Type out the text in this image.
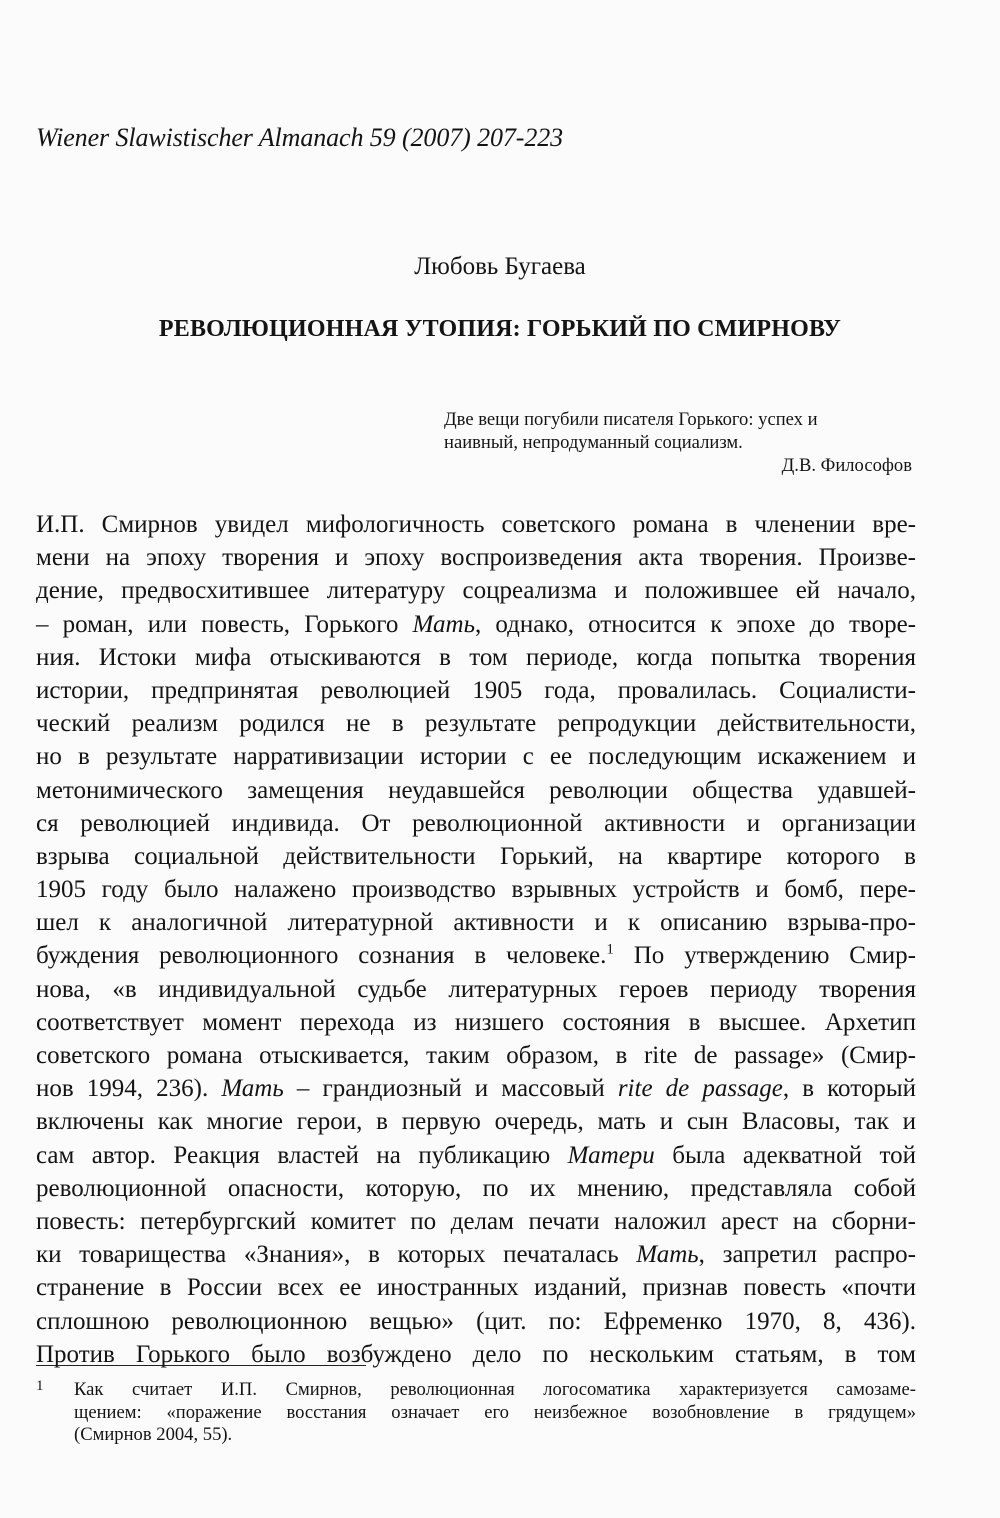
Wiener Slawistischer Almanach 59 (2007) 207-223
Любовь Бугаева
РЕВОЛЮЦИОННАЯ УТОПИЯ: ГОРЬКИЙ ПО СМИРНОВУ
Две вещи погубили писателя Горького: успех и
наивный, непродуманный социализм.
Д.В. Философов
И.П. Смирнов увидел мифологичность советского романа в членении вре-
мени на эпоху творения и эпоху воспроизведения акта творения. Произве-
дение, предвосхитившее литературу соцреализма и положившее ей начало,
– роман, или повесть, Горького Мать, однако, относится к эпохе до творе-
ния. Истоки мифа отыскиваются в том периоде, когда попытка творения
истории, предпринятая революцией 1905 года, провалилась. Социалисти-
ческий реализм родился не в результате репродукции действительности,
но в результате нарративизации истории с ее последующим искажением и
метонимического замещения неудавшейся революции общества удавшей-
ся революцией индивида. От революционной активности и организации
взрыва социальной действительности Горький, на квартире которого в
1905 году было налажено производство взрывных устройств и бомб, пере-
шел к аналогичной литературной активности и к описанию взрыва-про-
буждения революционного сознания в человеке.$^1$ По утверждению Смир-
нова, «в индивидуальной судьбе литературных героев периоду творения
соответствует момент перехода из низшего состояния в высшее. Архетип
советского романа отыскивается, таким образом, в rite de passage» (Смир-
нов 1994, 236). Мать – грандиозный и массовый rite de passage, в который
включены как многие герои, в первую очередь, мать и сын Власовы, так и
сам автор. Реакция властей на публикацию Матери была адекватной той
революционной опасности, которую, по их мнению, представляла собой
повесть: петербургский комитет по делам печати наложил арест на сборни-
ки товарищества «Знания», в которых печаталась Мать, запретил распро-
странение в России всех ее иностранных изданий, признав повесть «почти
сплошною революционною вещью» (цит. по: Ефременко 1970, 8, 436).
Против Горького было возбуждено дело по нескольким статьям, в том
1 Как считает И.П. Смирнов, революционная логосоматика характеризуется самозаме-
щением: «поражение восстания означает его неизбежное возобновление в грядущем»
(Смирнов 2004, 55).
